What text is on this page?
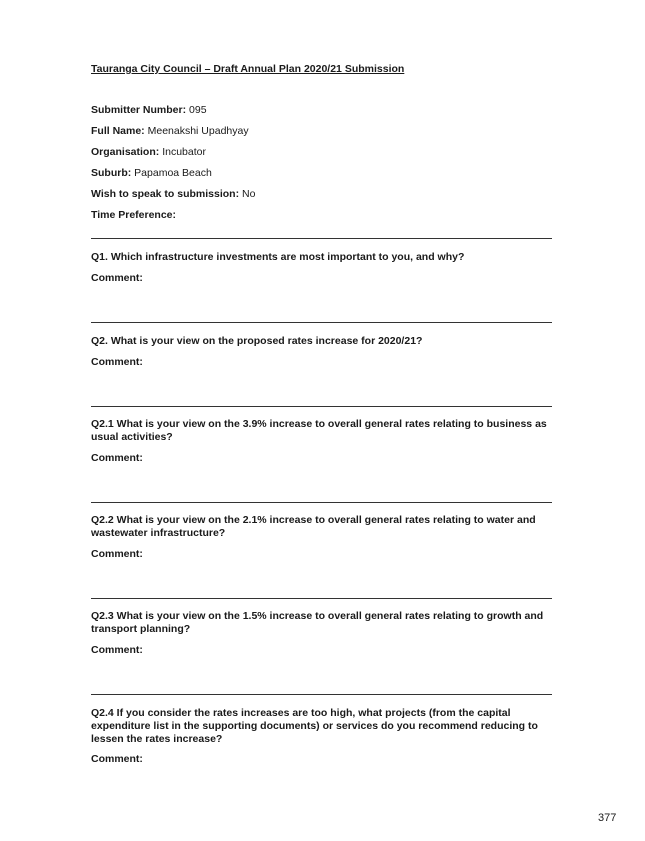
Tauranga City Council – Draft Annual Plan 2020/21 Submission
Submitter Number: 095
Full Name: Meenakshi Upadhyay
Organisation: Incubator
Suburb: Papamoa Beach
Wish to speak to submission: No
Time Preference:
Q1. Which infrastructure investments are most important to you, and why?
Comment:
Q2. What is your view on the proposed rates increase for 2020/21?
Comment:
Q2.1 What is your view on the 3.9% increase to overall general rates relating to business as usual activities?
Comment:
Q2.2 What is your view on the 2.1% increase to overall general rates relating to water and wastewater infrastructure?
Comment:
Q2.3 What is your view on the 1.5% increase to overall general rates relating to growth and transport planning?
Comment:
Q2.4 If you consider the rates increases are too high, what projects (from the capital expenditure list in the supporting documents) or services do you recommend reducing to lessen the rates increase?
Comment:
377
